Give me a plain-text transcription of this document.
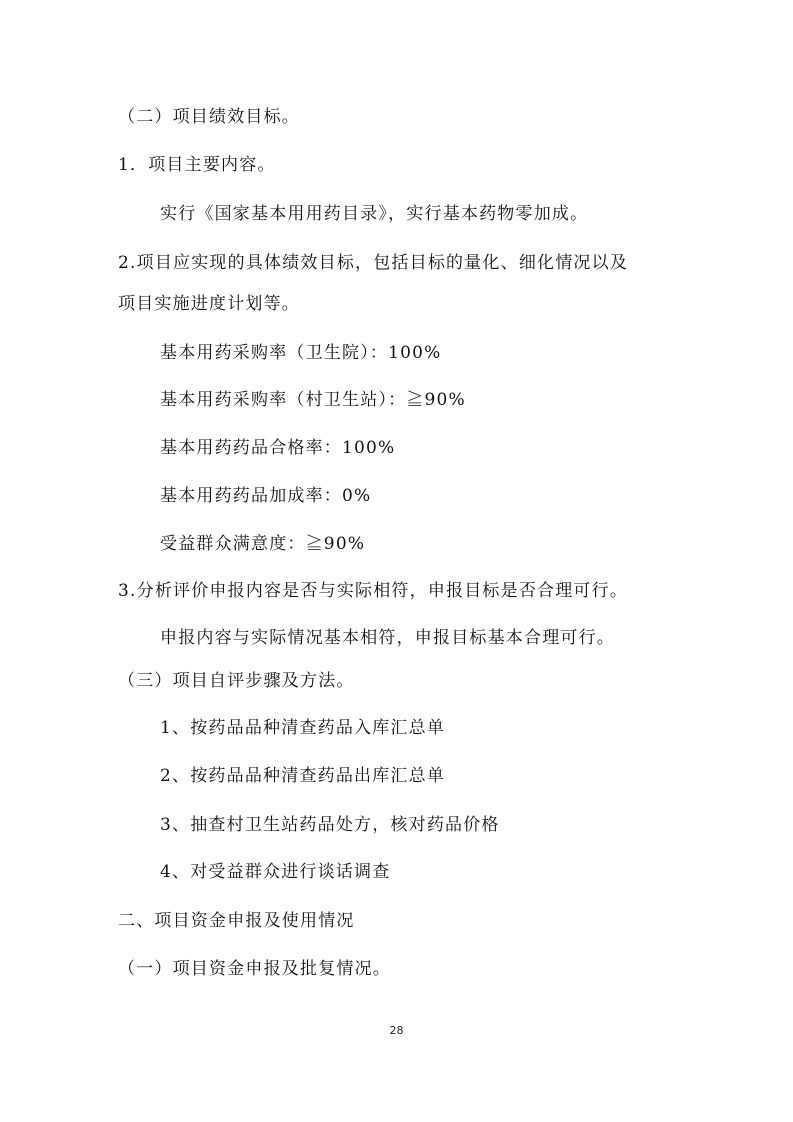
（二）项目绩效目标。
1．项目主要内容。
实行《国家基本用用药目录》，实行基本药物零加成。
2.项目应实现的具体绩效目标，包括目标的量化、细化情况以及
项目实施进度计划等。
基本用药采购率（卫生院）：100%
基本用药采购率（村卫生站）：≧90%
基本用药药品合格率：100%
基本用药药品加成率：0%
受益群众满意度：≧90%
3.分析评价申报内容是否与实际相符，申报目标是否合理可行。
申报内容与实际情况基本相符，申报目标基本合理可行。
（三）项目自评步骤及方法。
1、按药品品种清查药品入库汇总单
2、按药品品种清查药品出库汇总单
3、抽查村卫生站药品处方，核对药品价格
4、对受益群众进行谈话调查
二、项目资金申报及使用情况
（一）项目资金申报及批复情况。
28
